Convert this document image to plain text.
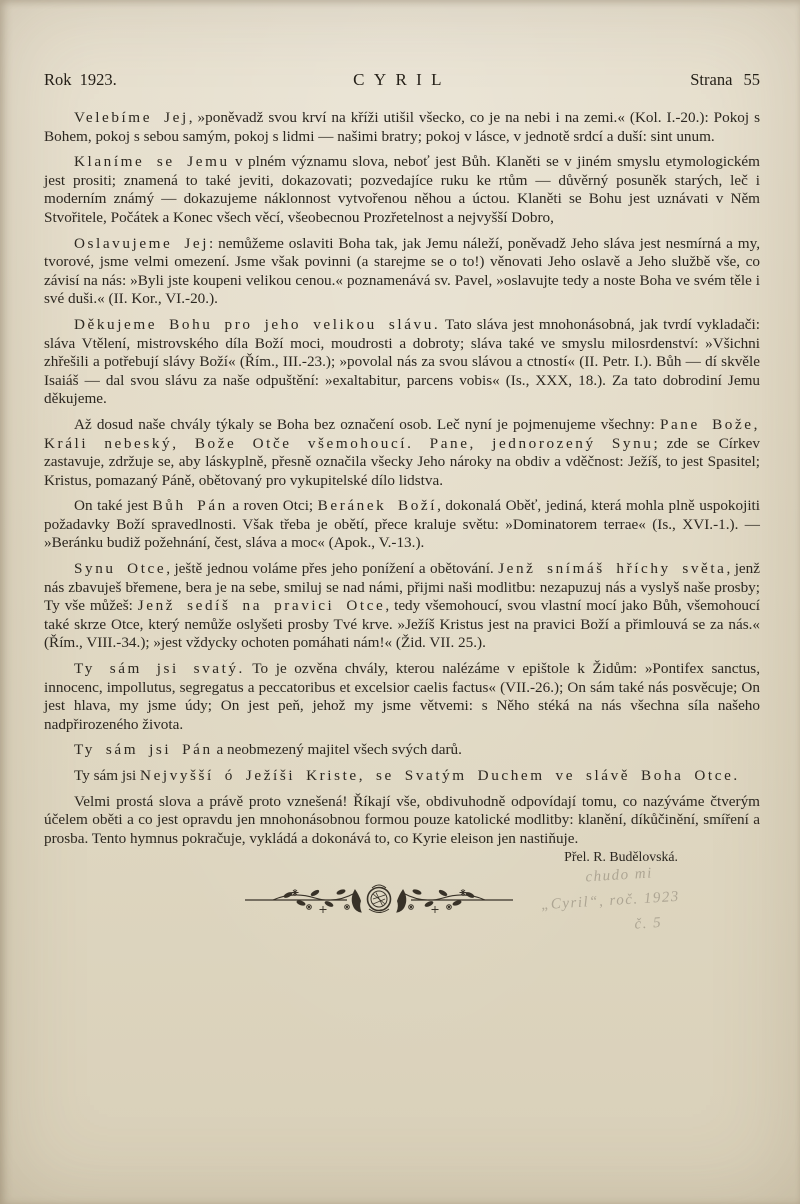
Rok 1923.	CYRIL	Strana 55

Velebíme Jej, »poněvadž svou krví na kříži utišil všecko, co je na nebi i na zemi.« (Kol. I.-20.): Pokoj s Bohem, pokoj s sebou samým, pokoj s lidmi — našimi bratry; pokoj v lásce, v jednotě srdcí a duší: sint unum.

Klaníme se Jemu v plném významu slova, neboť jest Bůh. Klaněti se v jiném smyslu etymologickém jest prositi; znamená to také jeviti, dokazovati; pozvedajíce ruku ke rtům — důvěrný posuněk starých, leč i moderním známý — dokazujeme náklonnost vytvořenou něhou a úctou. Klaněti se Bohu jest uznávati v Něm Stvořitele, Počátek a Konec všech věcí, všeobecnou Prozřetelnost a nejvyšší Dobro,

Oslavujeme Jej: nemůžeme oslaviti Boha tak, jak Jemu náleží, poněvadž Jeho sláva jest nesmírná a my, tvorové, jsme velmi omezení. Jsme však povinni (a starejme se o to!) věnovati Jeho oslavě a Jeho službě vše, co závisí na nás: »Byli jste koupeni velikou cenou.« poznamenává sv. Pavel, »oslavujte tedy a noste Boha ve svém těle i své duši.« (II. Kor., VI.-20.).

Děkujeme Bohu pro jeho velikou slávu. Tato sláva jest mnohonásobná, jak tvrdí vykladači: sláva Vtělení, mistrovského díla Boží moci, moudrosti a dobroty; sláva také ve smyslu milosrdenství: »Všichni zhřešili a potřebují slávy Boží« (Řím., III.-23.); »povolal nás za svou slávou a ctností« (II. Petr. I.). Bůh — dí skvěle Isaiáš — dal svou slávu za naše odpuštění: »exaltabitur, parcens vobis« (Is., XXX, 18.). Za tato dobrodiní Jemu děkujeme.

Až dosud naše chvály týkaly se Boha bez označení osob. Leč nyní je pojmenujeme všechny: Pane Bože, Králi nebeský, Bože Otče všemohoucí. Pane, jednorozený Synu; zde se Církev zastavuje, zdržuje se, aby láskyplně, přesně označila všecky Jeho nároky na obdiv a vděčnost: Ježíš, to jest Spasitel; Kristus, pomazaný Páně, obětovaný pro vykupitelské dílo lidstva.

On také jest Bůh Pán a roven Otci; Beránek Boží, dokonalá Oběť, jediná, která mohla plně uspokojiti požadavky Boží spravedlnosti. Však třeba je obětí, přece kraluje světu: »Dominatorem terrae« (Is., XVI.-1.). — »Beránku budiž požehnání, čest, sláva a moc« (Apok., V.-13.).

Synu Otce, ještě jednou voláme přes jeho ponížení a obětování. Jenž snímáš hříchy světa, jenž nás zbavuješ břemene, bera je na sebe, smiluj se nad námi, přijmi naši modlitbu: nezapuzuj nás a vyslyš naše prosby; Ty vše můžeš: Jenž sedíš na pravici Otce, tedy všemohoucí, svou vlastní mocí jako Bůh, všemohoucí také skrze Otce, který nemůže oslyšeti prosby Tvé krve. »Ježíš Kristus jest na pravici Boží a přimlouvá se za nás.« (Řím., VIII.-34.); »jest vždycky ochoten pomáhati nám!« (Žid. VII. 25.).

Ty sám jsi svatý. To je ozvěna chvály, kterou nalézáme v epištole k Židům: »Pontifex sanctus, innocenc, impollutus, segregatus a peccatoribus et excelsior caelis factus« (VII.-26.); On sám také nás posvěcuje; On jest hlava, my jsme údy; On jest peň, jehož my jsme větvemi: s Něho stéká na nás všechna síla našeho nadpřirozeného života.

Ty sám jsi Pán a neobmezený majitel všech svých darů.

Ty sám jsi Nejvyšší ó Ježíši Kriste, se Svatým Duchem ve slávě Boha Otce.

Velmi prostá slova a právě proto vznešená! Říkají vše, obdivuhodně odpovídají tomu, co nazýváme čtverým účelem oběti a co jest opravdu jen mnohonásobnou formou pouze katolické modlitby: klanění, díkůčinění, smíření a prosba. Tento hymnus pokračuje, vykládá a dokonává to, co Kyrie eleison jen nastiňuje.
Přel. R. Budělovská.

chudo mi
„Cyril“, roč. 1923
č. 5
